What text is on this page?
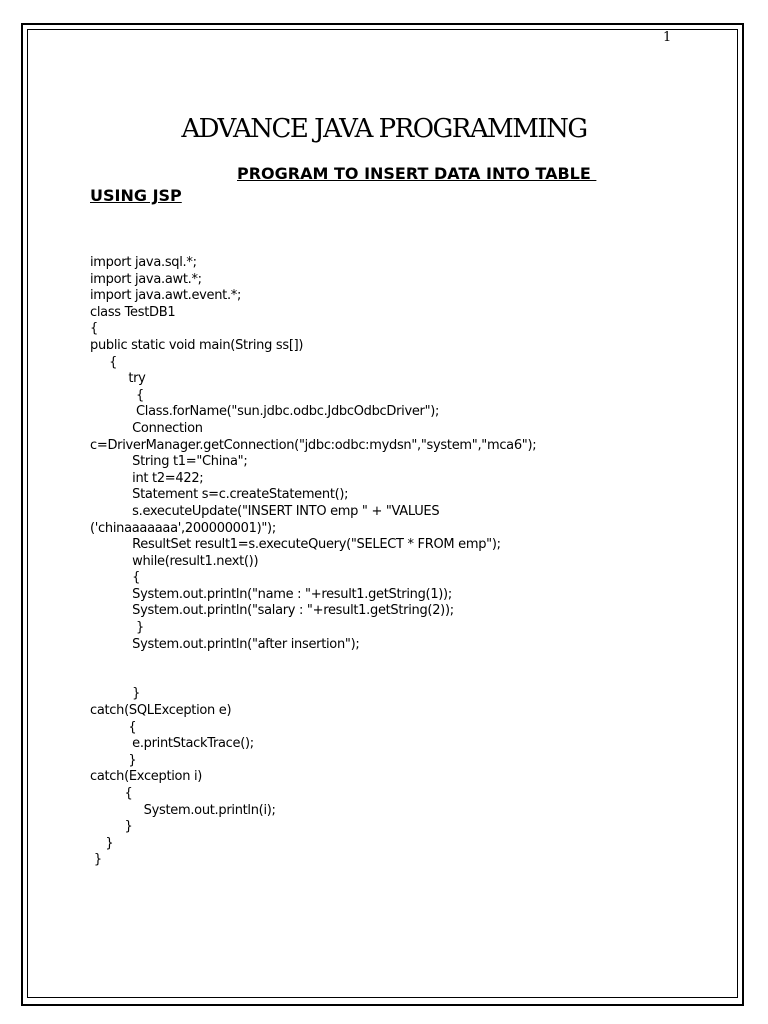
1
ADVANCE JAVA PROGRAMMING
PROGRAM TO INSERT DATA INTO TABLE
USING JSP
import java.sql.*;
import java.awt.*;
import java.awt.event.*;
class TestDB1
{
public static void main(String ss[])
{
try
{
Class.forName("sun.jdbc.odbc.JdbcOdbcDriver");
Connection
c=DriverManager.getConnection("jdbc:odbc:mydsn","system","mca6");
String t1="China";
int t2=422;
Statement s=c.createStatement();
s.executeUpdate("INSERT INTO emp " + "VALUES
('chinaaaaaaa',200000001)");
ResultSet result1=s.executeQuery("SELECT * FROM emp");
while(result1.next())
{
System.out.println("name : "+result1.getString(1));
System.out.println("salary : "+result1.getString(2));
}
System.out.println("after insertion");
}
catch(SQLException e)
{
e.printStackTrace();
}
catch(Exception i)
{
System.out.println(i);
}
}
}
